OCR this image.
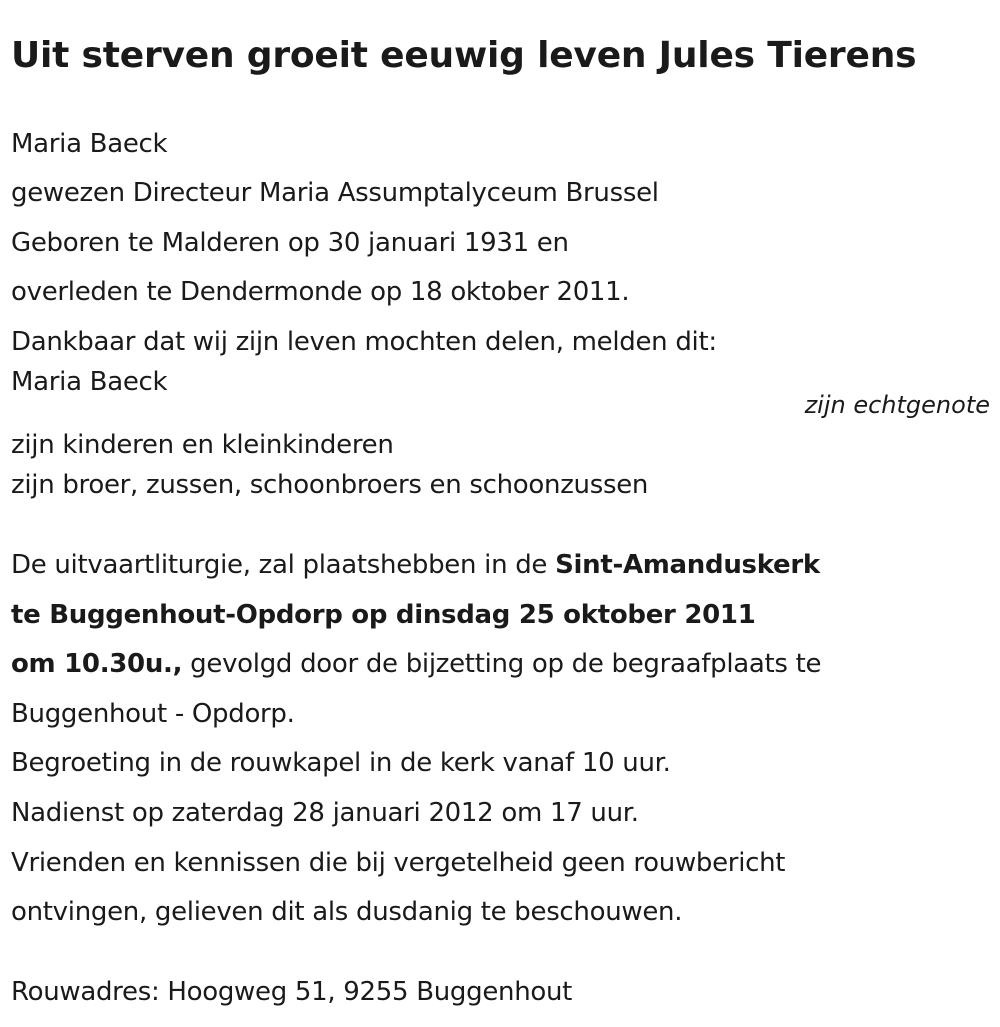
Uit sterven groeit eeuwig leven Jules Tierens

Maria Baeck

gewezen Directeur Maria Assumptalyceum Brussel

Geboren te Malderen op 30 januari 1931 en

overleden te Dendermonde op 18 oktober 2011.

Dankbaar dat wij zijn leven mochten delen, melden dit:

Maria Baeck

zijn echtgenote

zijn kinderen en kleinkinderen

zijn broer, zussen, schoonbroers en schoonzussen

De uitvaartliturgie, zal plaatshebben in de Sint-Amanduskerk

te Buggenhout-Opdorp op dinsdag 25 oktober 2011

om 10.30u., gevolgd door de bijzetting op de begraafplaats te

Buggenhout - Opdorp.

Begroeting in de rouwkapel in de kerk vanaf 10 uur.

Nadienst op zaterdag 28 januari 2012 om 17 uur.

Vrienden en kennissen die bij vergetelheid geen rouwbericht

ontvingen, gelieven dit als dusdanig te beschouwen.

Rouwadres: Hoogweg 51, 9255 Buggenhout
